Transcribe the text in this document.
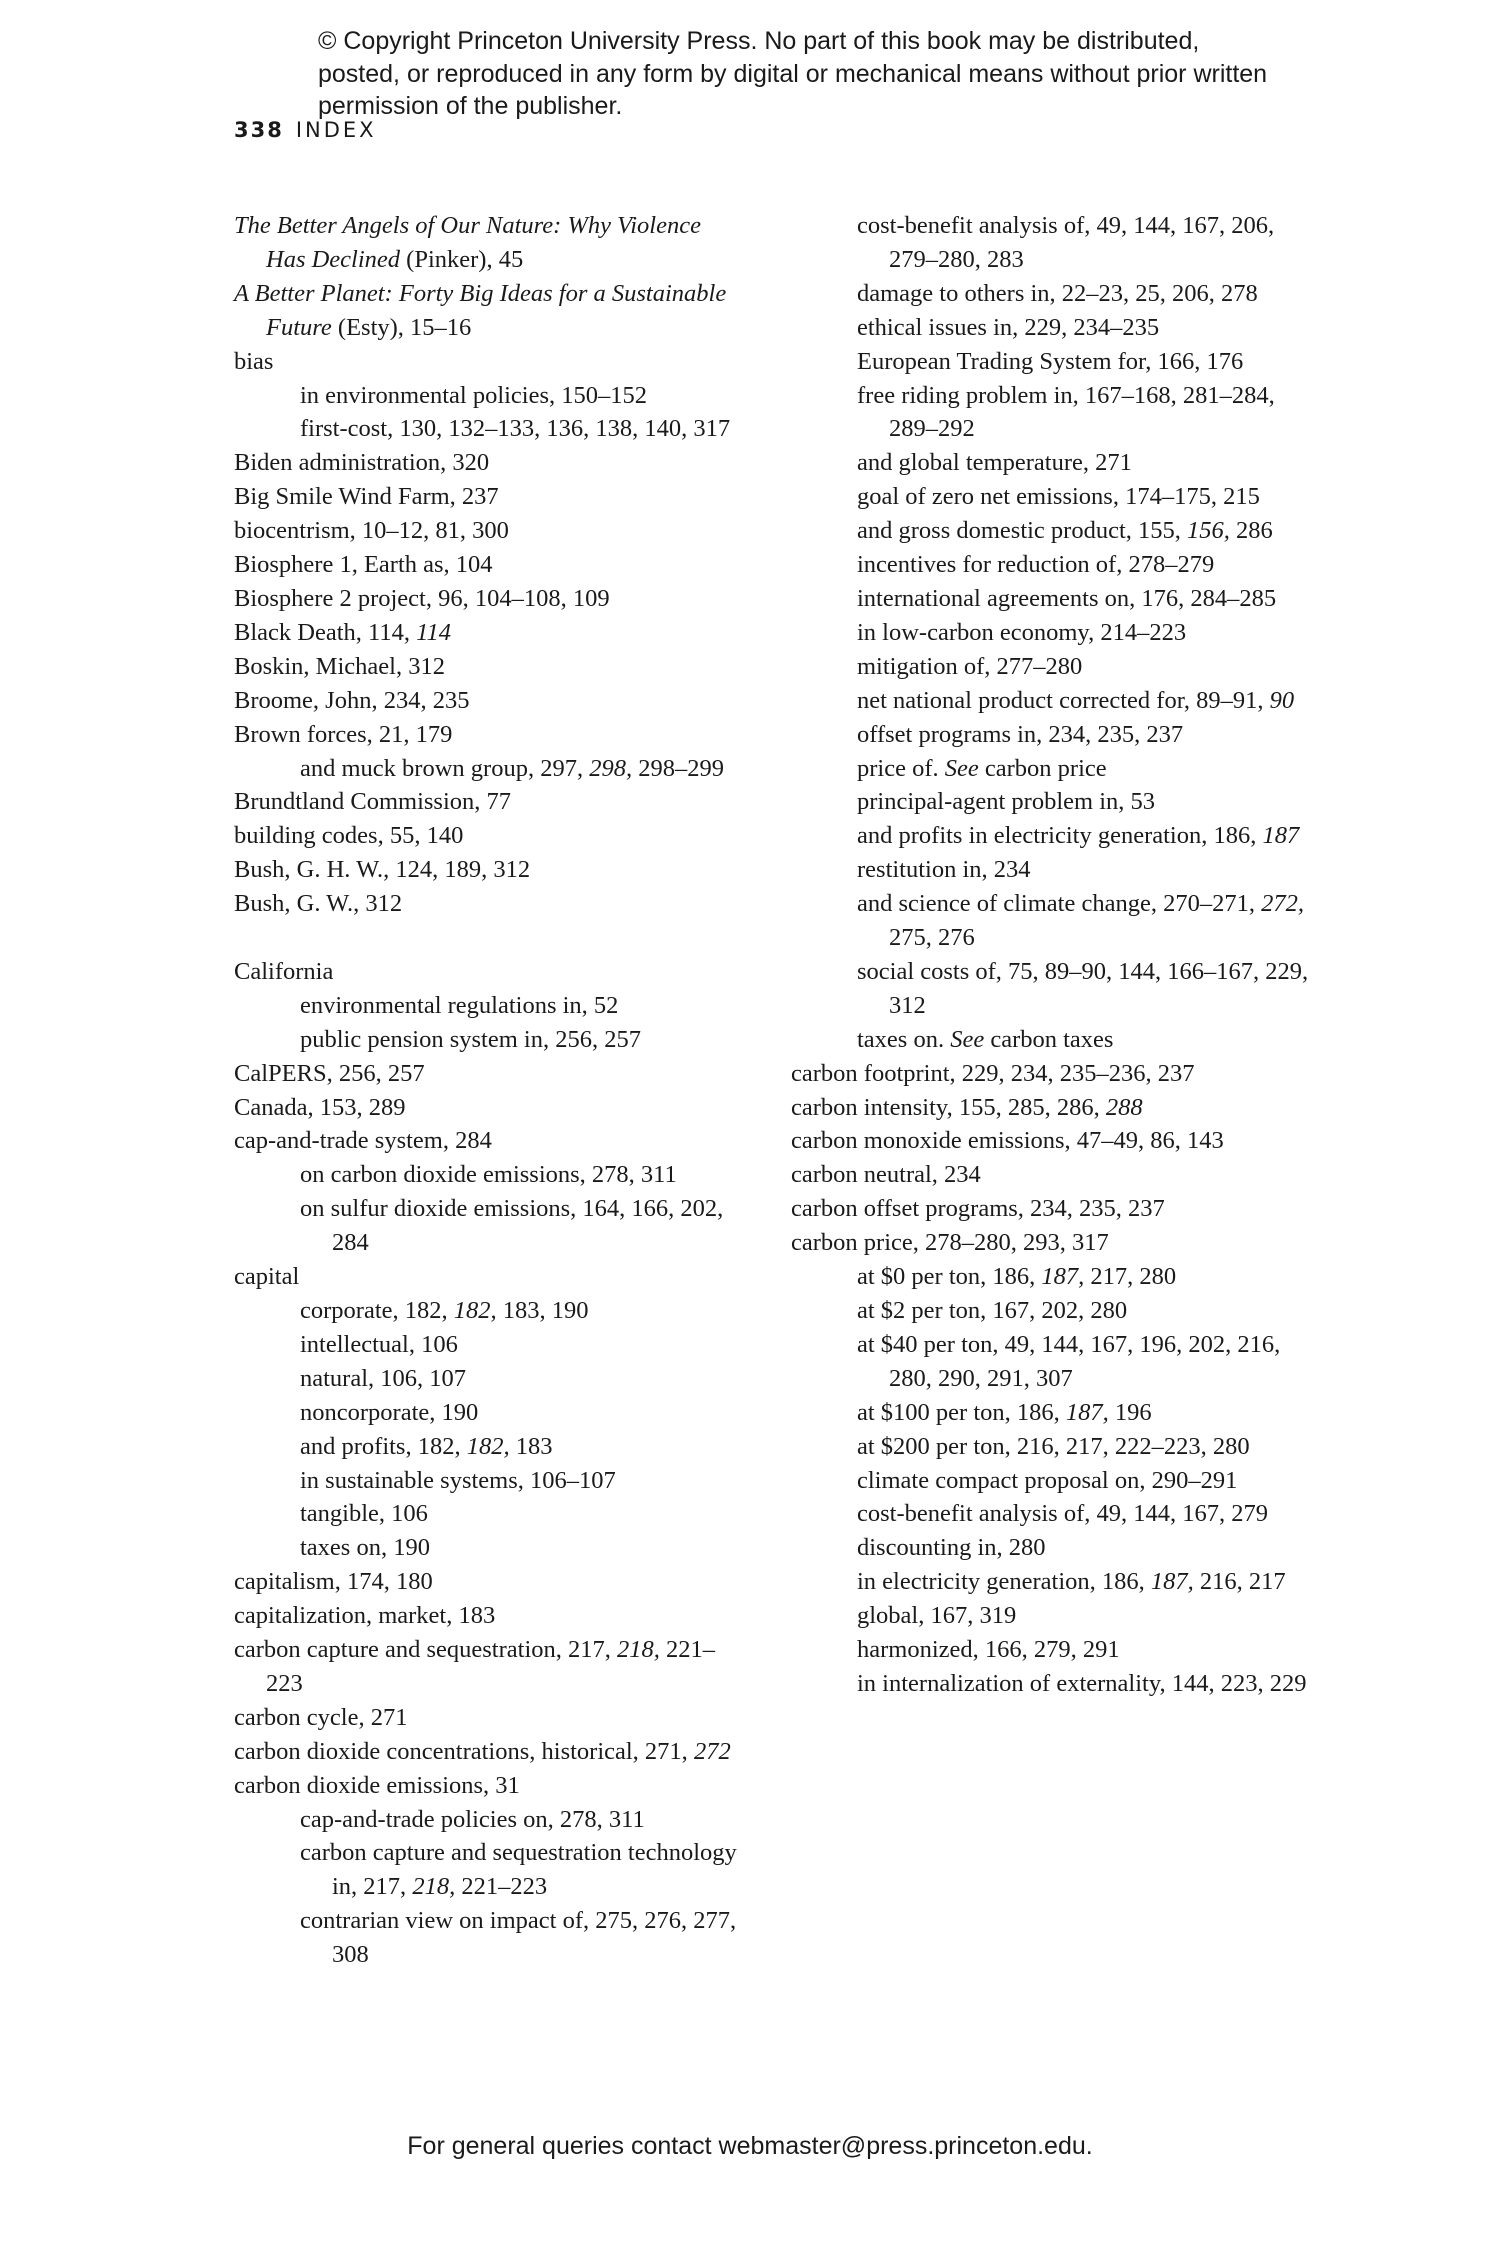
© Copyright Princeton University Press. No part of this book may be distributed, posted, or reproduced in any form by digital or mechanical means without prior written permission of the publisher.
338 INDEX
The Better Angels of Our Nature: Why Violence Has Declined (Pinker), 45
A Better Planet: Forty Big Ideas for a Sustainable Future (Esty), 15–16
bias
in environmental policies, 150–152
first-cost, 130, 132–133, 136, 138, 140, 317
Biden administration, 320
Big Smile Wind Farm, 237
biocentrism, 10–12, 81, 300
Biosphere 1, Earth as, 104
Biosphere 2 project, 96, 104–108, 109
Black Death, 114, 114
Boskin, Michael, 312
Broome, John, 234, 235
Brown forces, 21, 179
and muck brown group, 297, 298, 298–299
Brundtland Commission, 77
building codes, 55, 140
Bush, G. H. W., 124, 189, 312
Bush, G. W., 312
California
environmental regulations in, 52
public pension system in, 256, 257
CalPERS, 256, 257
Canada, 153, 289
cap-and-trade system, 284
on carbon dioxide emissions, 278, 311
on sulfur dioxide emissions, 164, 166, 202, 284
capital
corporate, 182, 182, 183, 190
intellectual, 106
natural, 106, 107
noncorporate, 190
and profits, 182, 182, 183
in sustainable systems, 106–107
tangible, 106
taxes on, 190
capitalism, 174, 180
capitalization, market, 183
carbon capture and sequestration, 217, 218, 221–223
carbon cycle, 271
carbon dioxide concentrations, historical, 271, 272
carbon dioxide emissions, 31
cap-and-trade policies on, 278, 311
carbon capture and sequestration technology in, 217, 218, 221–223
contrarian view on impact of, 275, 276, 277, 308
cost-benefit analysis of, 49, 144, 167, 206, 279–280, 283
damage to others in, 22–23, 25, 206, 278
ethical issues in, 229, 234–235
European Trading System for, 166, 176
free riding problem in, 167–168, 281–284, 289–292
and global temperature, 271
goal of zero net emissions, 174–175, 215
and gross domestic product, 155, 156, 286
incentives for reduction of, 278–279
international agreements on, 176, 284–285
in low-carbon economy, 214–223
mitigation of, 277–280
net national product corrected for, 89–91, 90
offset programs in, 234, 235, 237
price of. See carbon price
principal-agent problem in, 53
and profits in electricity generation, 186, 187
restitution in, 234
and science of climate change, 270–271, 272, 275, 276
social costs of, 75, 89–90, 144, 166–167, 229, 312
taxes on. See carbon taxes
carbon footprint, 229, 234, 235–236, 237
carbon intensity, 155, 285, 286, 288
carbon monoxide emissions, 47–49, 86, 143
carbon neutral, 234
carbon offset programs, 234, 235, 237
carbon price, 278–280, 293, 317
at $0 per ton, 186, 187, 217, 280
at $2 per ton, 167, 202, 280
at $40 per ton, 49, 144, 167, 196, 202, 216, 280, 290, 291, 307
at $100 per ton, 186, 187, 196
at $200 per ton, 216, 217, 222–223, 280
climate compact proposal on, 290–291
cost-benefit analysis of, 49, 144, 167, 279
discounting in, 280
in electricity generation, 186, 187, 216, 217
global, 167, 319
harmonized, 166, 279, 291
in internalization of externality, 144, 223, 229
For general queries contact webmaster@press.princeton.edu.
